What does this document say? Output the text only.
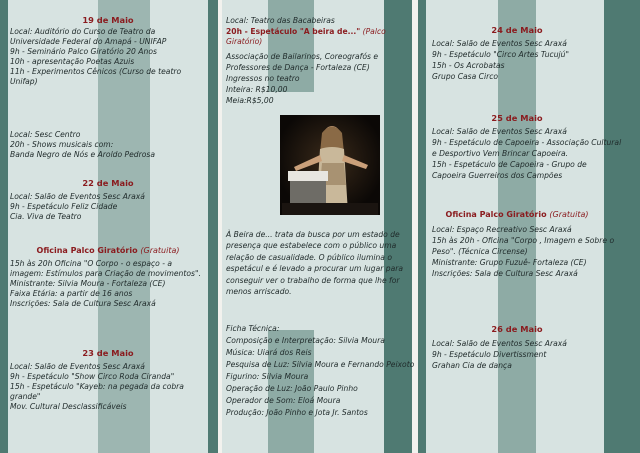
19 de Maio
Local: Auditório do Curso de Teatro da
Universidade Federal do Amapá - UNIFAP
9h - Seminário Palco Giratório 20 Anos
10h - apresentação Poetas Azuis
11h - Experimentos Cênicos (Curso de teatro
Unifap)
Local: Sesc Centro
20h - Shows musicais com:
Banda Negro de Nós e Aroldo Pedrosa
22 de Maio
Local: Salão de Eventos Sesc Araxá
9h - Espetáculo Feliz Cidade
Cia. Viva de Teatro
Oficina Palco Giratório (Gratuita)
15h às 20h Oficina "O Corpo - o espaço - a
imagem: Estímulos para Criação de movimentos".
Ministrante: Silvia Moura - Fortaleza (CE)
Faixa Etária: a partir de 16 anos
Inscrições: Sala de Cultura Sesc Araxá
23 de Maio
Local: Salão de Eventos Sesc Araxá
9h - Espetáculo "Show Circo Roda Ciranda"
15h - Espetáculo "Kayeb: na pegada da cobra
grande"
Mov. Cultural Desclassificáveis
Local: Teatro das Bacabeiras
20h - Espetáculo "A beira de..." (Palco
Giratório)
Associação de Bailarinos, Coreografós e
Professores de Dança - Fortaleza (CE)
Ingressos no teatro
Inteira: R$10,00
Meia:R$5,00
À Beira de... trata da busca por um estado de
presença que estabelece com o público uma
relação de casualidade. O público ilumina o
espetácul e é levado a procurar um lugar para
conseguir ver o trabalho de forma que lhe for
menos arriscado.
Ficha Técnica:
Composição e Interpretação: Silvia Moura
Música: Uiará dos Reis
Pesquisa de Luz: Silvia Moura e Fernando Peixoto
Figurino: Silvia Moura
Operação de Luz: João Paulo Pinho
Operador de Som: Eloá Moura
Produção: João Pinho e Jota Jr. Santos
24 de Maio
Local: Salão de Eventos Sesc Araxá
9h - Espetáculo "Circo Artes Tucujú"
15h - Os Acrobatas
Grupo Casa Circo
25 de Maio
Local: Salão de Eventos Sesc Araxá
9h - Espetáculo de Capoeira - Associação Cultural
e Desportivo Vem Brincar Capoeira.
15h - Espetáculo de Capoeira - Grupo de
Capoeira Guerreiros dos Campões
Oficina Palco Giratório (Gratuita)
Local: Espaço Recreativo Sesc Araxá
15h às 20h - Oficina "Corpo , Imagem e Sobre o
Peso". (Técnica Circense)
Ministrante: Grupo Fuzuê- Fortaleza (CE)
Inscrições: Sala de Cultura Sesc Araxá
26 de Maio
Local: Salão de Eventos Sesc Araxá
9h - Espetáculo Divertissment
Grahan Cia de dança
